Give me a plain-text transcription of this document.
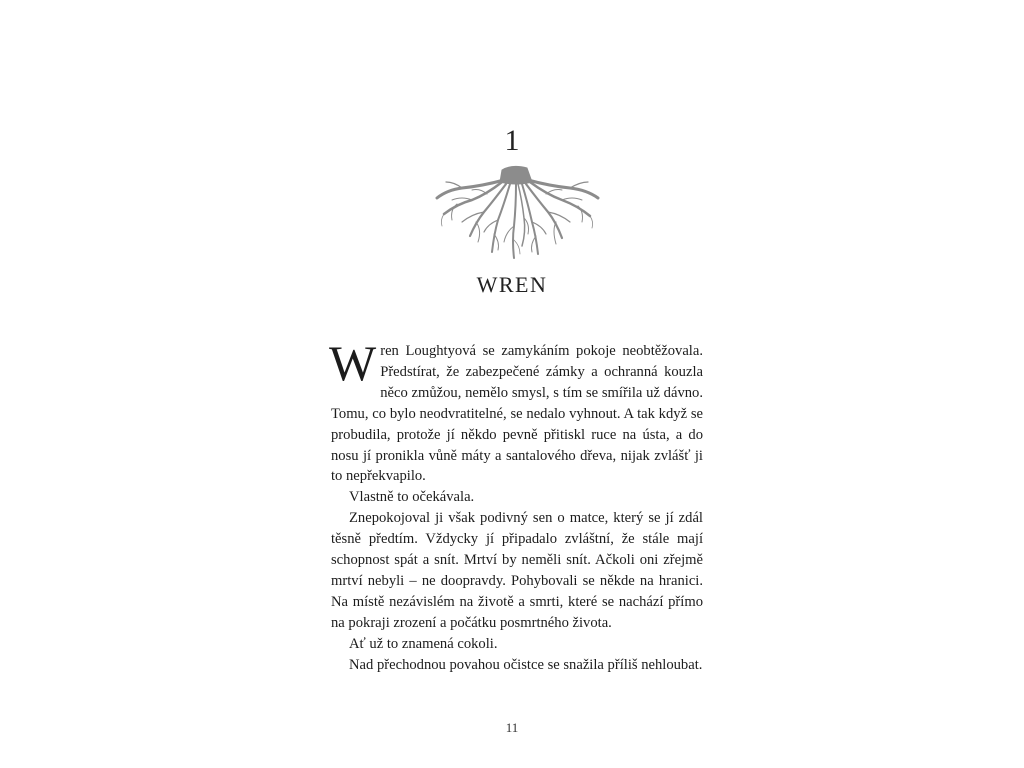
1
WREN

W ren Loughtyová se zamykáním pokoje neobtěžovala. Předstírat, že zabezpečené zámky a ochranná kouzla něco zmůžou, nemělo smysl, s tím se smířila už dávno. Tomu, co bylo neodvratitelné, se nedalo vyhnout. A tak když se probudila, protože jí někdo pevně přitiskl ruce na ústa, a do nosu jí pronikla vůně máty a santalového dřeva, nijak zvlášť ji to nepřekvapilo.

Vlastně to očekávala.

Znepokojoval ji však podivný sen o matce, který se jí zdál těsně předtím. Vždycky jí připadalo zvláštní, že stále mají schopnost spát a snít. Mrtví by neměli snít. Ačkoli oni zřejmě mrtví nebyli – ne doopravdy. Pohybovali se někde na hranici. Na místě nezávislém na životě a smrti, které se nachází přímo na pokraji zrození a počátku posmrtného života.

Ať už to znamená cokoli.

Nad přechodnou povahou očistce se snažila příliš nehloubat.

11
